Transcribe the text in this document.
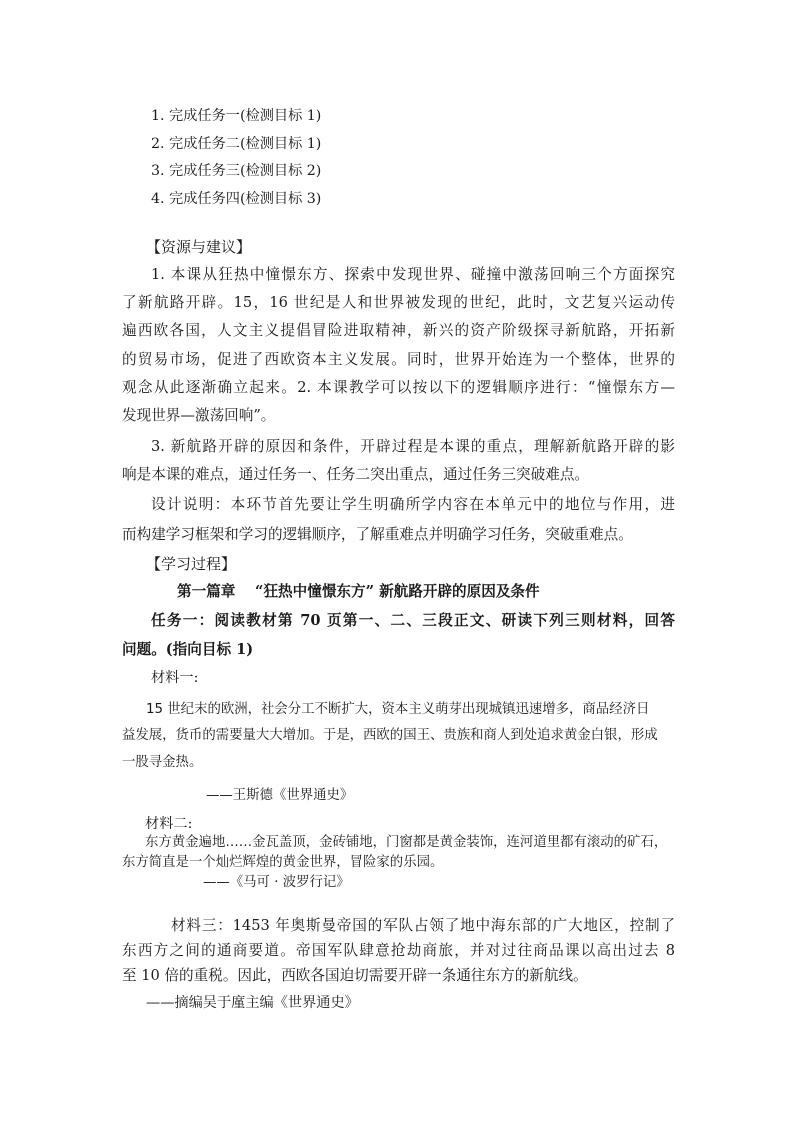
1. 完成任务一(检测目标 1)
2. 完成任务二(检测目标 1)
3. 完成任务三(检测目标 2)
4. 完成任务四(检测目标 3)
【资源与建议】
1. 本课从狂热中憧憬东方、探索中发现世界、碰撞中激荡回响三个方面探究
了新航路开辟。15，16 世纪是人和世界被发现的世纪，此时，文艺复兴运动传
遍西欧各国，人文主义提倡冒险进取精神，新兴的资产阶级探寻新航路，开拓新
的贸易市场，促进了西欧资本主义发展。同时，世界开始连为一个整体，世界的
观念从此逐渐确立起来。2. 本课教学可以按以下的逻辑顺序进行：“憧憬东方—
发现世界—激荡回响”。
3. 新航路开辟的原因和条件，开辟过程是本课的重点，理解新航路开辟的影
响是本课的难点，通过任务一、任务二突出重点，通过任务三突破难点。
设计说明：本环节首先要让学生明确所学内容在本单元中的地位与作用，进
而构建学习框架和学习的逻辑顺序，了解重难点并明确学习任务，突破重难点。
【学习过程】
第一篇章　 “狂热中憧憬东方” 新航路开辟的原因及条件
任务一：阅读教材第 70 页第一、二、三段正文、研读下列三则材料，回答
问题。(指向目标 1)
材料一:
15 世纪末的欧洲，社会分工不断扩大，资本主义萌芽出现城镇迅速增多，商品经济日
益发展，货币的需要量大大增加。于是，西欧的国王、贵族和商人到处追求黄金白银，形成
一股寻金热。
——王斯德《世界通史》
材料二:
东方黄金遍地……金瓦盖顶，金砖铺地，门窗都是黄金装饰，连河道里都有滚动的矿石，
东方简直是一个灿烂辉煌的黄金世界，冒险家的乐园。
——《马可 · 波罗行记》
材料三：1453 年奥斯曼帝国的军队占领了地中海东部的广大地区，控制了
东西方之间的通商要道。帝国军队肆意抢劫商旅，并对过往商品课以高出过去 8
至 10 倍的重税。因此，西欧各国迫切需要开辟一条通往东方的新航线。
——摘编吴于廑主编《世界通史》
